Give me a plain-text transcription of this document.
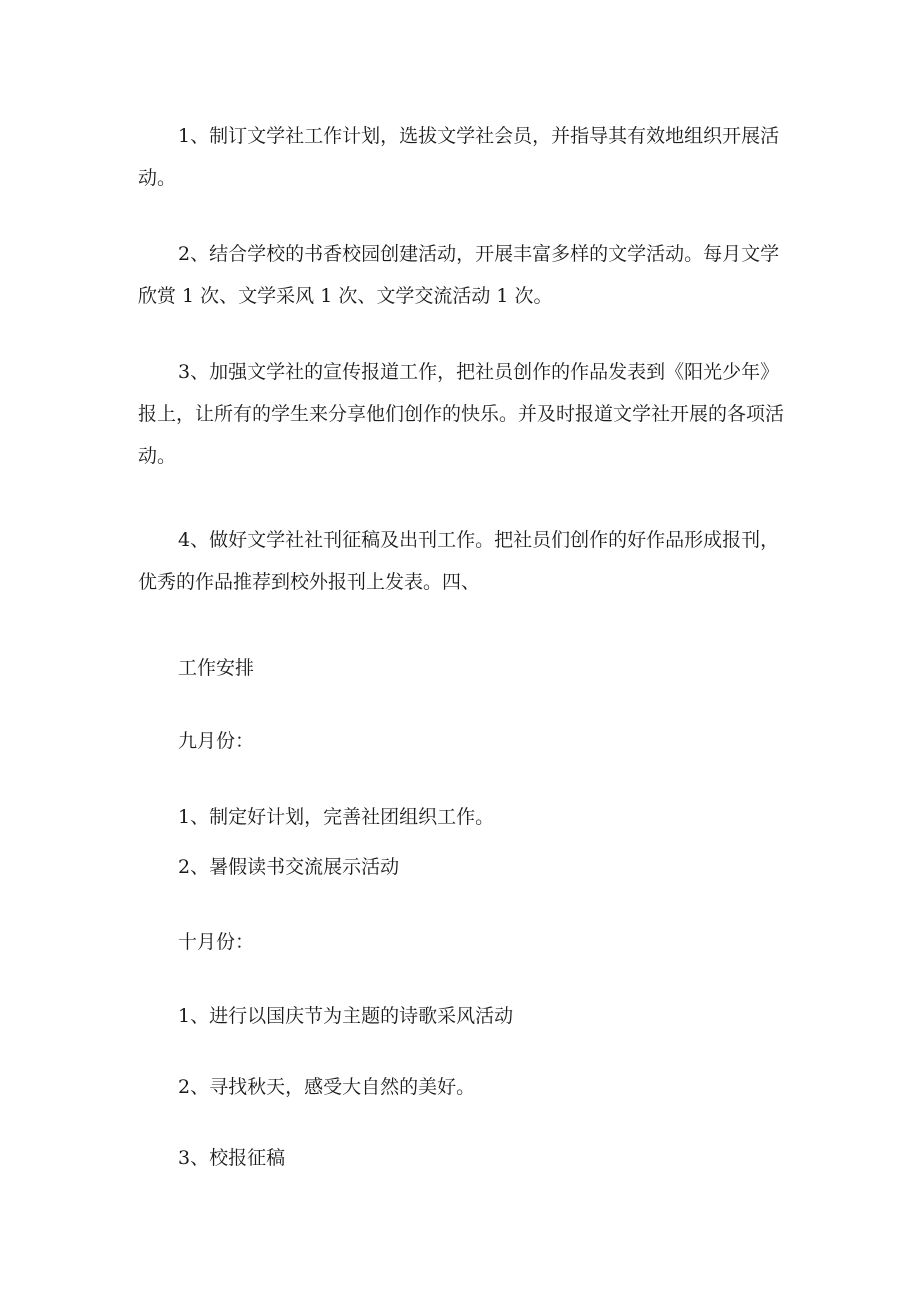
1、制订文学社工作计划，选拔文学社会员，并指导其有效地组织开展活动。

2、结合学校的书香校园创建活动，开展丰富多样的文学活动。每月文学欣赏 1 次、文学采风 1 次、文学交流活动 1 次。

3、加强文学社的宣传报道工作，把社员创作的作品发表到《阳光少年》报上，让所有的学生来分享他们创作的快乐。并及时报道文学社开展的各项活动。

4、做好文学社社刊征稿及出刊工作。把社员们创作的好作品形成报刊，优秀的作品推荐到校外报刊上发表。四、

工作安排

九月份：

1、制定好计划，完善社团组织工作。

2、暑假读书交流展示活动

十月份：

1、进行以国庆节为主题的诗歌采风活动

2、寻找秋天，感受大自然的美好。

3、校报征稿
